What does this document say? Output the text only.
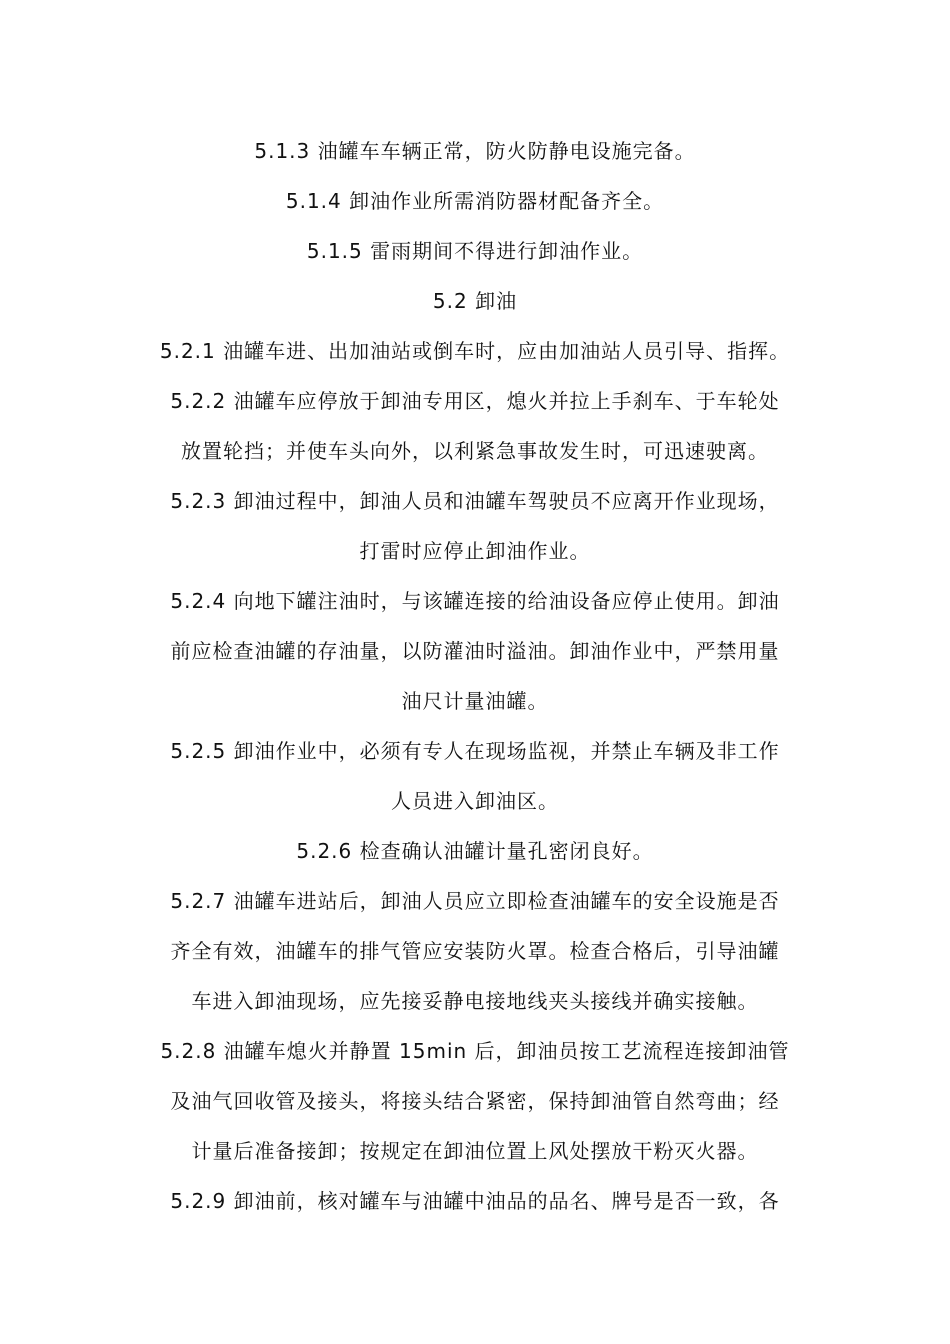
5.1.3 油罐车车辆正常，防火防静电设施完备。
5.1.4 卸油作业所需消防器材配备齐全。
5.1.5 雷雨期间不得进行卸油作业。
5.2 卸油
5.2.1 油罐车进、出加油站或倒车时，应由加油站人员引导、指挥。
5.2.2 油罐车应停放于卸油专用区，熄火并拉上手刹车、于车轮处
放置轮挡；并使车头向外，以利紧急事故发生时，可迅速驶离。
5.2.3 卸油过程中，卸油人员和油罐车驾驶员不应离开作业现场，
打雷时应停止卸油作业。
5.2.4 向地下罐注油时，与该罐连接的给油设备应停止使用。卸油
前应检查油罐的存油量，以防灌油时溢油。卸油作业中，严禁用量
油尺计量油罐。
5.2.5 卸油作业中，必须有专人在现场监视，并禁止车辆及非工作
人员进入卸油区。
5.2.6 检查确认油罐计量孔密闭良好。
5.2.7 油罐车进站后，卸油人员应立即检查油罐车的安全设施是否
齐全有效，油罐车的排气管应安装防火罩。检查合格后，引导油罐
车进入卸油现场，应先接妥静电接地线夹头接线并确实接触。
5.2.8 油罐车熄火并静置 15min 后，卸油员按工艺流程连接卸油管
及油气回收管及接头，将接头结合紧密，保持卸油管自然弯曲；经
计量后准备接卸；按规定在卸油位置上风处摆放干粉灭火器。
5.2.9 卸油前，核对罐车与油罐中油品的品名、牌号是否一致，各
